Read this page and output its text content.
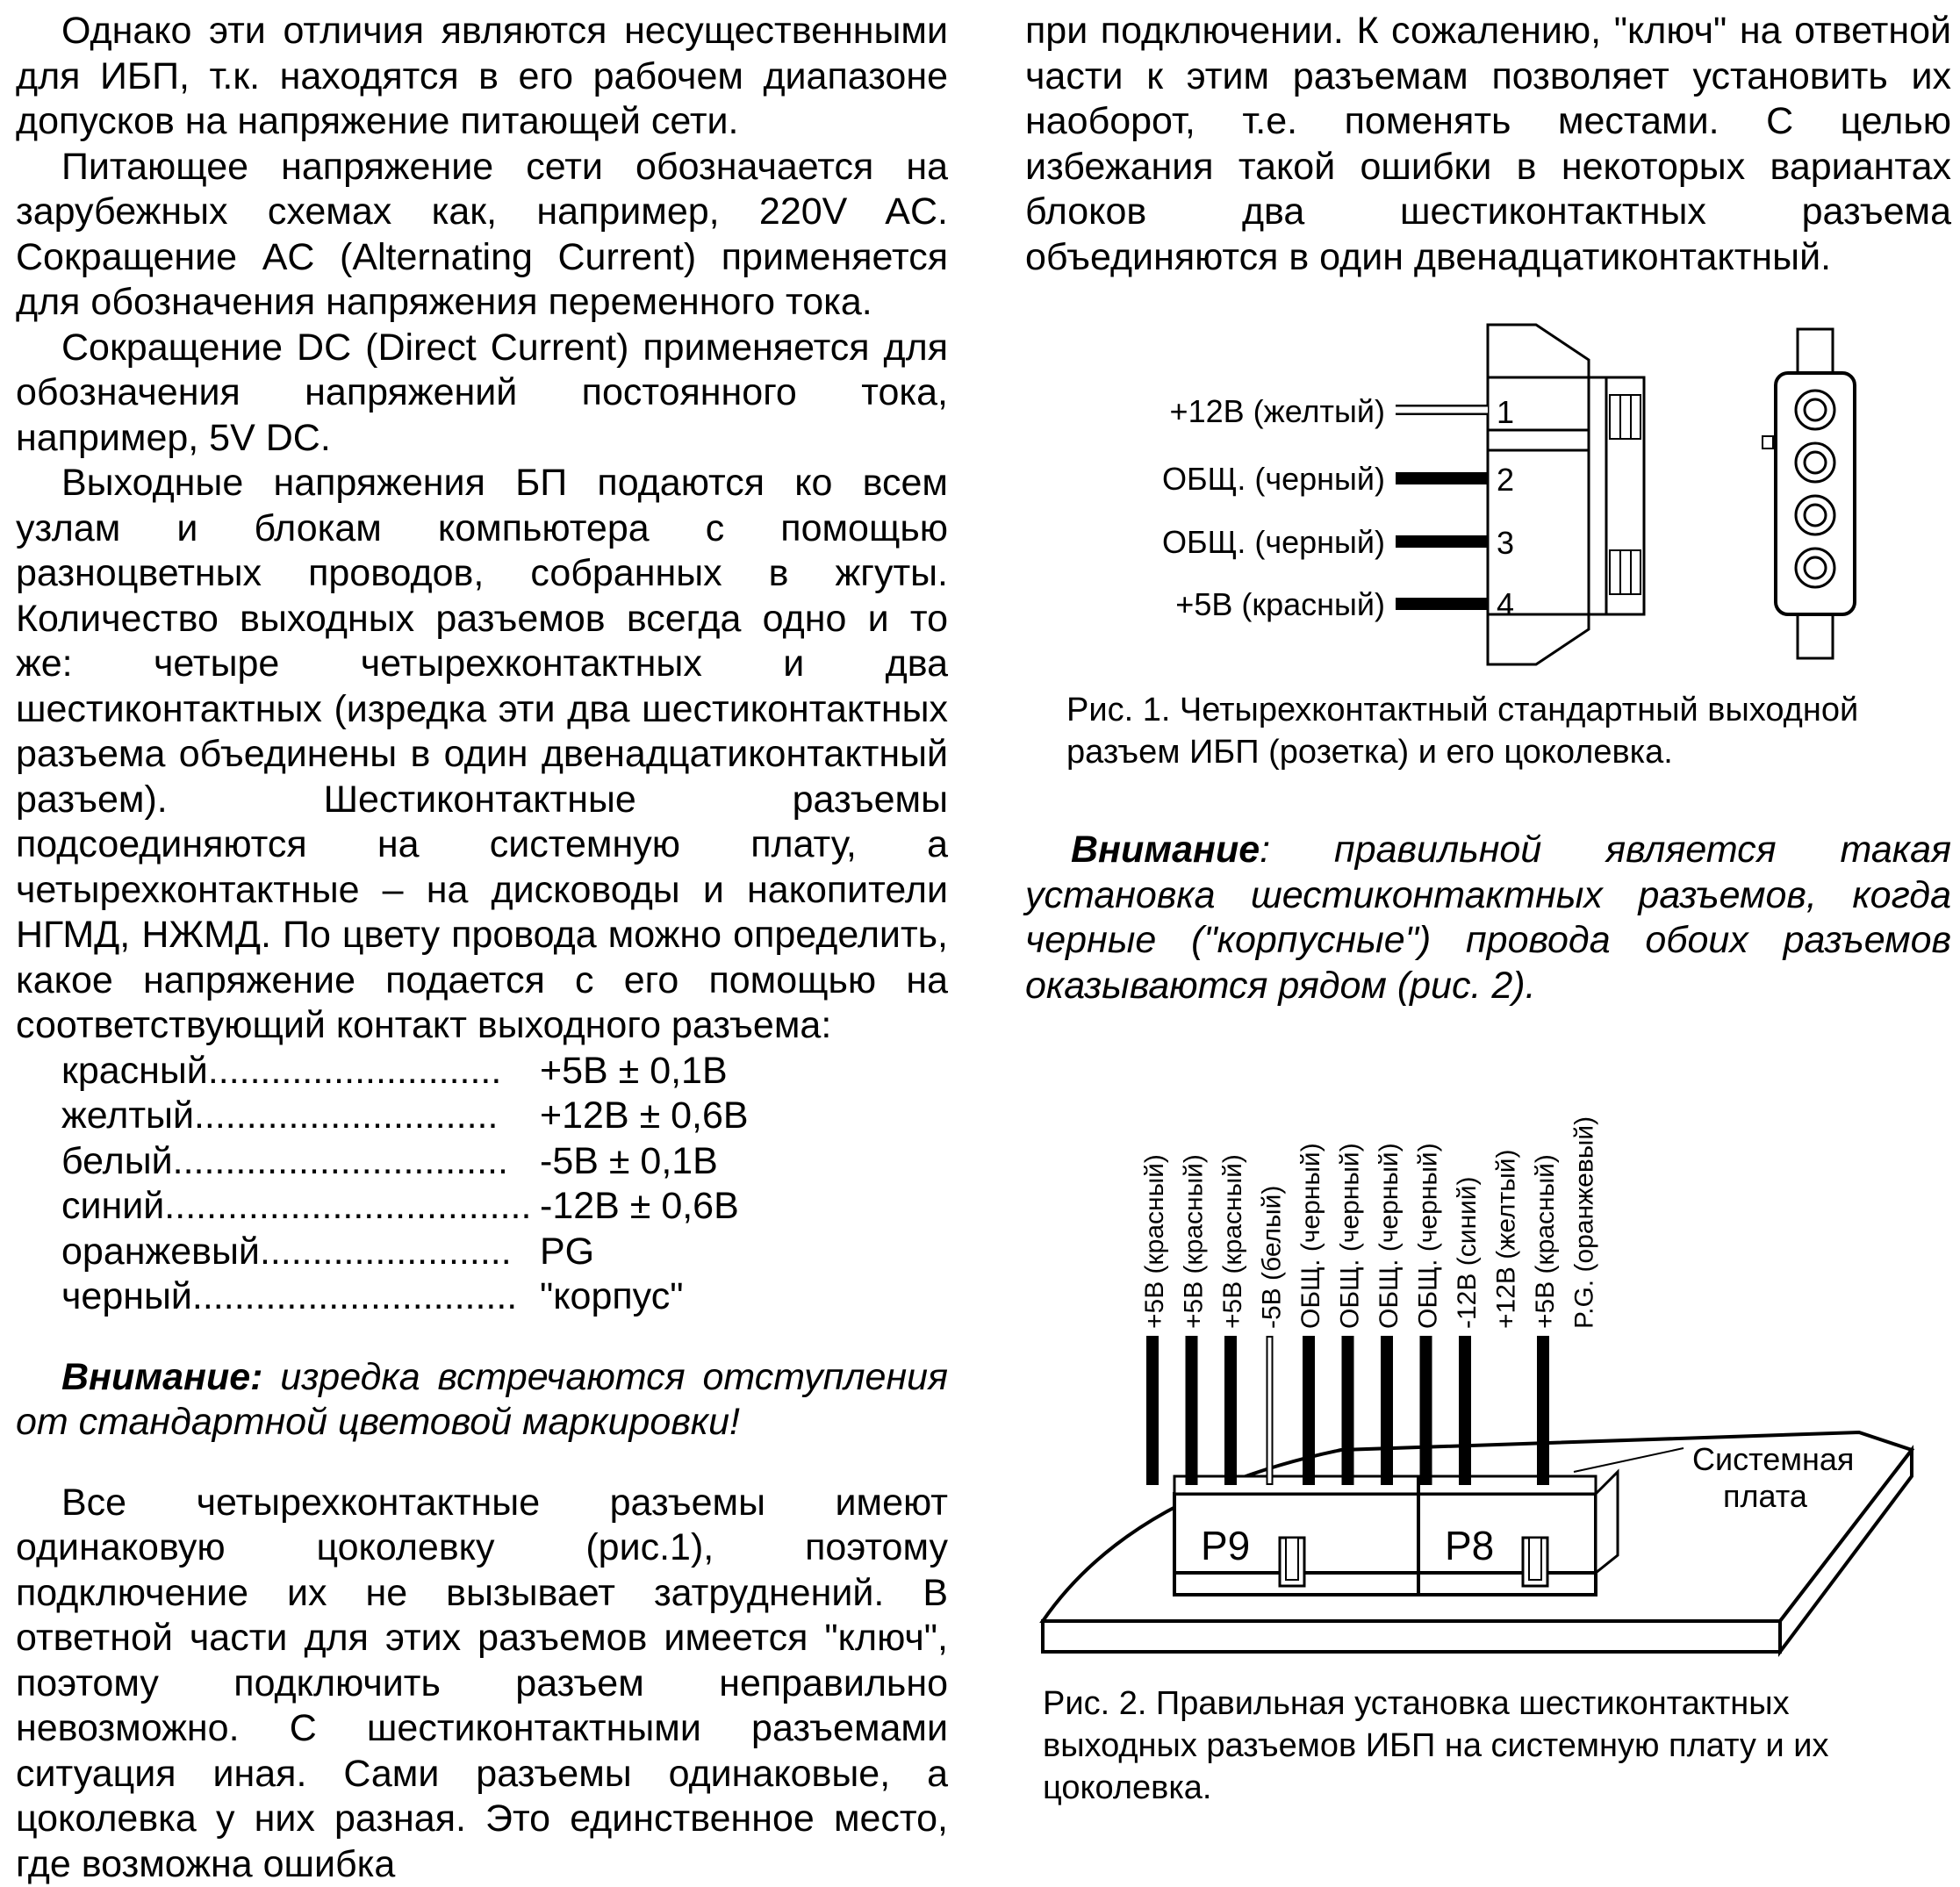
Однако эти отличия являются несущественными для ИБП, т.к. находятся в его рабочем диапазоне допусков на напряжение питающей сети.

Питающее напряжение сети обозначается на зарубежных схемах как, например, 220V AC. Сокращение AC (Alternating Current) применяется для обозначения напряжения переменного тока.

Сокращение DC (Direct Current) применяется для обозначения напряжений постоянного тока, например, 5V DC.

Выходные напряжения БП подаются ко всем узлам и блокам компьютера с помощью разноцветных проводов, собранных в жгуты. Количество выходных разъемов всегда одно и то же: четыре четырехконтактных и два шестиконтактных (изредка эти два шестиконтактных разъема объединены в один двенадцатиконтактный разъем). Шестиконтактные разъемы подсоединяются на системную плату, а четырехконтактные – на дисководы и накопители НГМД, НЖМД. По цвету провода можно определить, какое напряжение подается с его помощью на соответствующий контакт выходного разъема:

красный............................	+5В ± 0,1В
желтый.............................	+12В ± 0,6В
белый................................	-5В ± 0,1В
синий...................................	-12В ± 0,6В
оранжевый........................	PG
черный...............................	"корпус"

Внимание: изредка встречаются отступления от стандартной цветовой маркировки!

Все четырехконтактные разъемы имеют одинаковую цоколевку (рис.1), поэтому подключение их не вызывает затруднений. В ответной части для этих разъемов имеется "ключ", поэтому подключить разъем неправильно невозможно. С шестиконтактными разъемами ситуация иная. Сами разъемы одинаковые, а цоколевка у них разная. Это единственное место, где возможна ошибка

при подключении. К сожалению, "ключ" на ответной части к этим разъемам позволяет установить их наоборот, т.е. поменять местами. С целью избежания такой ошибки в некоторых вариантах блоков два шестиконтактных разъема объединяются в один двенадцатиконтактный.

+12В (желтый)
ОБЩ. (черный)
ОБЩ. (черный)
+5В (красный)
1
2
3
4
Рис. 1. Четырехконтактный стандартный выходной разъем ИБП (розетка) и его цоколевка.

Внимание: правильной является такая установка шестиконтактных разъемов, когда черные ("корпусные") провода обоих разъемов оказываются рядом (рис. 2).

P9	P8
Системная
плата
+5В (красный) +5В (красный) +5В (красный) -5В (белый) ОБЩ. (черный) ОБЩ. (черный) ОБЩ. (черный) ОБЩ. (черный) -12В (синий) +12В (желтый) +5В (красный) P.G. (оранжевый)
Рис. 2. Правильная установка шестиконтактных выходных разъемов ИБП на системную плату и их цоколевка.
